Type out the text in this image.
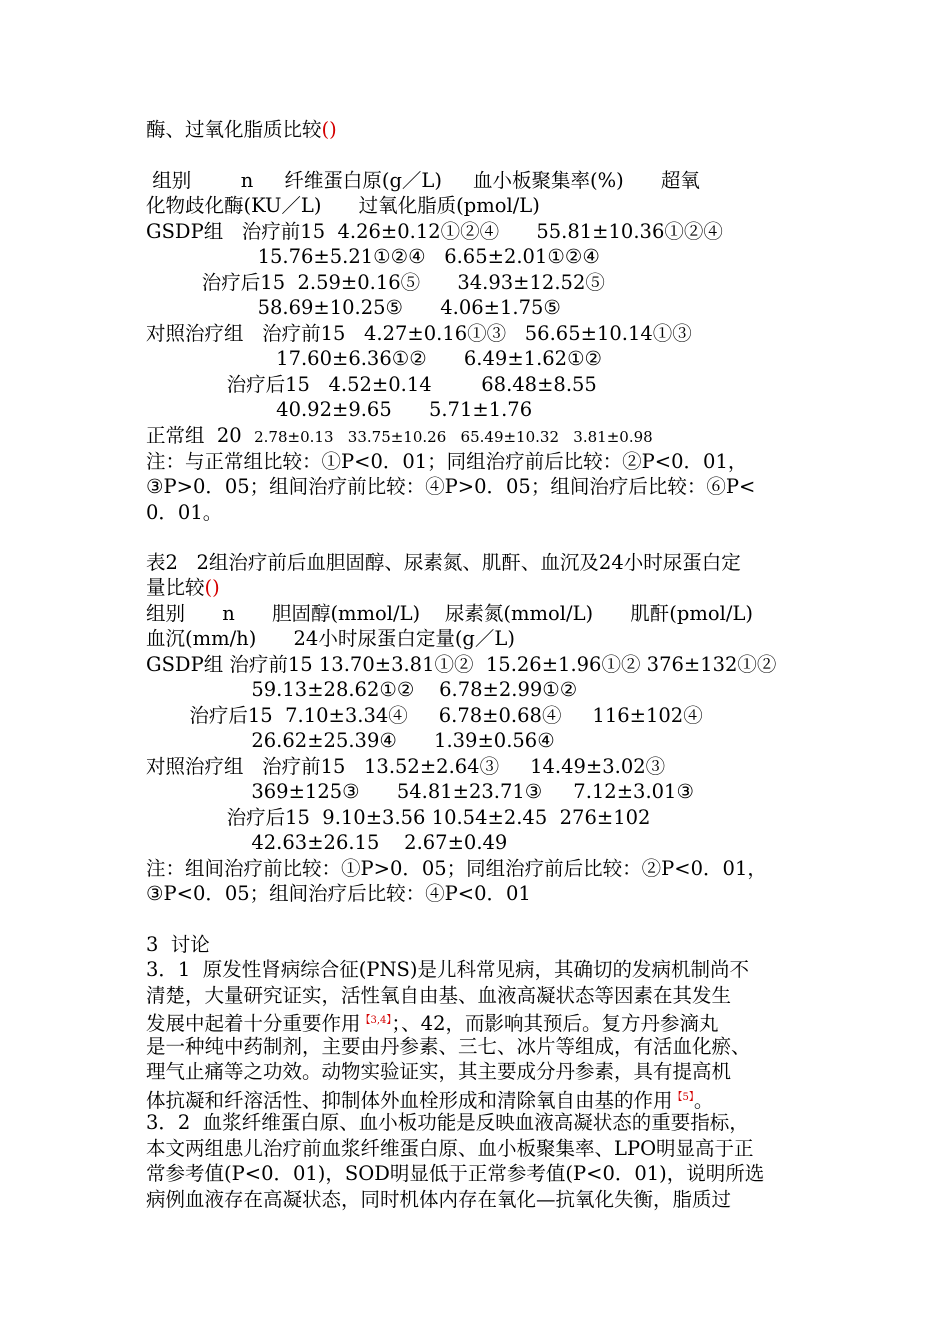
酶、过氧化脂质比较()
组别        n     纤维蛋白原(g／L)     血小板聚集率(%)      超氧
化物歧化酶(KU／L)      过氧化脂质(pmol/L)
GSDP组   治疗前15  4.26±0.12①②④      55.81±10.36①②④
15.76±5.21①②④   6.65±2.01①②④
治疗后15  2.59±0.16⑤      34.93±12.52⑤
58.69±10.25⑤      4.06±1.75⑤
对照治疗组   治疗前15   4.27±0.16①③   56.65±10.14①③
17.60±6.36①②      6.49±1.62①②
治疗后15   4.52±0.14        68.48±8.55
40.92±9.65      5.71±1.76
正常组  20 2.78±0.13   33.75±10.26   65.49±10.32   3.81±0.98
注：与正常组比较：①P<0．01；同组治疗前后比较：②P<0．01，
③P>0．05；组间治疗前比较：④P>0．05；组间治疗后比较：⑥P<
0．01。
表2   2组治疗前后血胆固醇、尿素氮、肌酐、血沉及24小时尿蛋白定
量比较()
组别      n      胆固醇(mmol/L)    尿素氮(mmol/L)      肌酐(pmol/L)
血沉(mm/h)      24小时尿蛋白定量(g／L)
GSDP组 治疗前15 13.70±3.81①②  15.26±1.96①② 376±132①②
59.13±28.62①②    6.78±2.99①②
治疗后15  7.10±3.34④     6.78±0.68④     116±102④
26.62±25.39④      1.39±0.56④
对照治疗组   治疗前15   13.52±2.64③     14.49±3.02③
369±125③      54.81±23.71③     7.12±3.01③
治疗后15  9.10±3.56 10.54±2.45  276±102
42.63±26.15    2.67±0.49
注：组间治疗前比较：①P>0．05；同组治疗前后比较：②P<0．01，
③P<0．05；组间治疗后比较：④P<0．01
3  讨论
3．1  原发性肾病综合征(PNS)是儿科常见病，其确切的发病机制尚不
清楚，大量研究证实，活性氧自由基、血液高凝状态等因素在其发生
发展中起着十分重要作用$^{【3,4】}$；、42，而影响其预后。复方丹参滴丸
是一种纯中药制剂，主要由丹参素、三七、冰片等组成，有活血化瘀、
理气止痛等之功效。动物实验证实，其主要成分丹参素，具有提高机
体抗凝和纤溶活性、抑制体外血栓形成和清除氧自由基的作用$^{【5】}$。
3．2  血浆纤维蛋白原、血小板功能是反映血液高凝状态的重要指标，
本文两组患儿治疗前血浆纤维蛋白原、血小板聚集率、LPO明显高于正
常参考值(P<0．01)，SOD明显低于正常参考值(P<0．01)，说明所选
病例血液存在高凝状态，同时机体内存在氧化—抗氧化失衡，脂质过
